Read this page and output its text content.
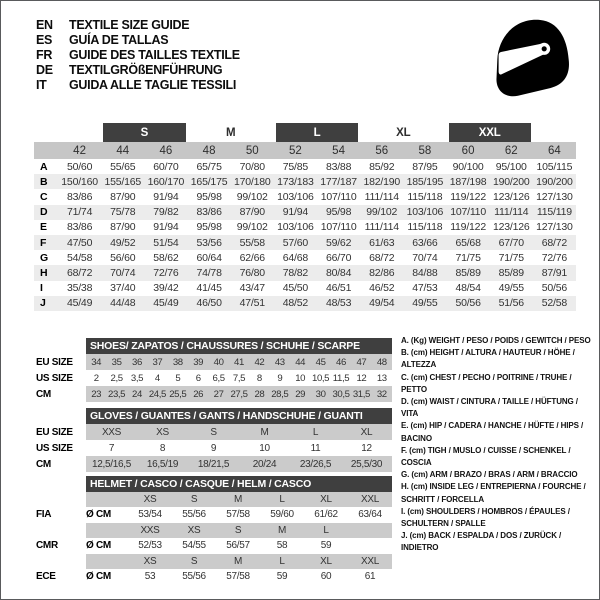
EN	TEXTILE SIZE GUIDE
ES	GUÍA DE TALLAS
FR	GUIDE DES TAILLES TEXTILE
DE	TEXTILGRÖßENFÜHRUNG
IT	GUIDA ALLE TAGLIE TESSILI
S	M	L	XL	XXL
42	44	46	48	50	52	54	56	58	60	62	64
A	50/60	55/65	60/70	65/75	70/80	75/85	83/88	85/92	87/95	90/100	95/100 105/115
B	150/160 155/165 160/170 165/175 170/180 173/183 177/187 182/190 185/195 187/198 190/200 190/200
C	83/86	87/90	91/94	95/98	99/102 103/106 107/110 111/114 115/118 119/122 123/126 127/130
D	71/74	75/78	79/82	83/86	87/90	91/94	95/98	99/102 103/106 107/110 111/114 115/119
E	83/86	87/90	91/94	95/98	99/102 103/106 107/110 111/114 115/118 119/122 123/126 127/130
F	47/50	49/52	51/54	53/56	55/58	57/60	59/62	61/63	63/66	65/68	67/70	68/72
G	54/58	56/60	58/62	60/64	62/66	64/68	66/70	68/72	70/74	71/75	71/75	72/76
H	68/72	70/74	72/76	74/78	76/80	78/82	80/84	82/86	84/88	85/89	85/89	87/91
I	35/38	37/40	39/42	41/45	43/47	45/50	46/51	46/52	47/53	48/54	49/55	50/56
J	45/49	44/48	45/49	46/50	47/51	48/52	48/53	49/54	49/55	50/56	51/56	52/58
SHOES/ ZAPATOS / CHAUSSURES / SCHUHE / SCARPE
EU SIZE	34	35	36	37	38	39	40	41	42	43	44	45	46	47	48
US SIZE	2	2,5 3,5	4	5	6	6,5 7,5	8	9	10 10,5 11,5 12	13
CM	23 23,5 24 24,5 25,5 26	27 27,5 28 28,5 29	30 30,5 31,5 32
GLOVES / GUANTES / GANTS / HANDSCHUHE / GUANTI
EU SIZE	XXS	XS	S	M	L	XL
US SIZE	7	8	9	10	11	12
CM	12,5/16,5	16,5/19	18/21,5	20/24	23/26,5	25,5/30
HELMET / CASCO / CASQUE / HELM / CASCO
XS	S	M	L	XL	XXL
FIA	Ø CM	53/54	55/56	57/58	59/60	61/62	63/64
XXS	XS	S	M	L
CMR	Ø CM	52/53	54/55	56/57	58	59
XS	S	M	L	XL	XXL
ECE	Ø CM	53	55/56	57/58	59	60	61
A. (Kg) WEIGHT / PESO / POIDS / GEWITCH / PESO
B. (cm) HEIGHT / ALTURA / HAUTEUR / HÖHE / ALTEZZA
C. (cm) CHEST / PECHO / POITRINE / TRUHE / PETTO
D. (cm) WAIST / CINTURA / TAILLE / HÜFTUNG / VITA
E. (cm) HIP / CADERA / HANCHE / HÜFTE / HIPS / BACINO
F. (cm) TIGH / MUSLO / CUISSE / SCHENKEL / COSCIA
G. (cm) ARM / BRAZO / BRAS / ARM / BRACCIO
H. (cm) INSIDE LEG / ENTREPIERNA / FOURCHE / SCHRITT / FORCELLA
I. (cm) SHOULDERS / HOMBROS / ÉPAULES / SCHULTERN / SPALLE
J. (cm) BACK / ESPALDA / DOS / ZURÜCK / INDIETRO
